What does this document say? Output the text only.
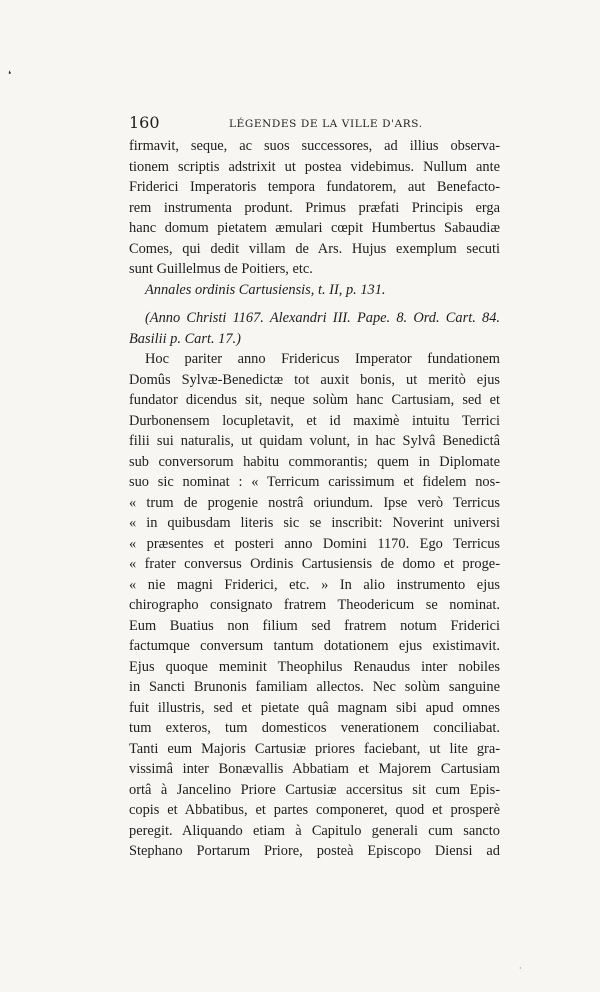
❛
160	LÉGENDES DE LA VILLE D'ARS.
firmavit, seque, ac suos successores, ad illius observa-
tionem scriptis adstrixit ut postea videbimus. Nullum ante
Friderici Imperatoris tempora fundatorem, aut Benefacto-
rem instrumenta produnt. Primus præfati Principis erga
hanc domum pietatem æmulari cœpit Humbertus Sabaudiæ
Comes, qui dedit villam de Ars. Hujus exemplum secuti
sunt Guillelmus de Poitiers, etc.
Annales ordinis Cartusiensis, t. II, p. 131.
(Anno Christi 1167. Alexandri III. Pape. 8. Ord. Cart. 84.
Basilii p. Cart. 17.)
Hoc pariter anno Fridericus Imperator fundationem
Domûs Sylvæ-Benedictæ tot auxit bonis, ut meritò ejus
fundator dicendus sit, neque solùm hanc Cartusiam, sed et
Durbonensem locupletavit, et id maximè intuitu Terrici
filii sui naturalis, ut quidam volunt, in hac Sylvâ Benedictâ
sub conversorum habitu commorantis; quem in Diplomate
suo sic nominat : « Terricum carissimum et fidelem nos-
« trum de progenie nostrâ oriundum. Ipse verò Terricus
« in quibusdam literis sic se inscribit: Noverint universi
« præsentes et posteri anno Domini 1170. Ego Terricus
« frater conversus Ordinis Cartusiensis de domo et proge-
« nie magni Friderici, etc. » In alio instrumento ejus
chirographo consignato fratrem Theodericum se nominat.
Eum Buatius non filium sed fratrem notum Friderici
factumque conversum tantum dotationem ejus existimavit.
Ejus quoque meminit Theophilus Renaudus inter nobiles
in Sancti Brunonis familiam allectos. Nec solùm sanguine
fuit illustris, sed et pietate quâ magnam sibi apud omnes
tum exteros, tum domesticos venerationem conciliabat.
Tanti eum Majoris Cartusiæ priores faciebant, ut lite gra-
vissimâ inter Bonævallis Abbatiam et Majorem Cartusiam
ortâ à Jancelino Priore Cartusiæ accersitus sit cum Epis-
copis et Abbatibus, et partes componeret, quod et prosperè
peregit. Aliquando etiam à Capitulo generali cum sancto
Stephano Portarum Priore, posteà Episcopo Diensi ad
·
